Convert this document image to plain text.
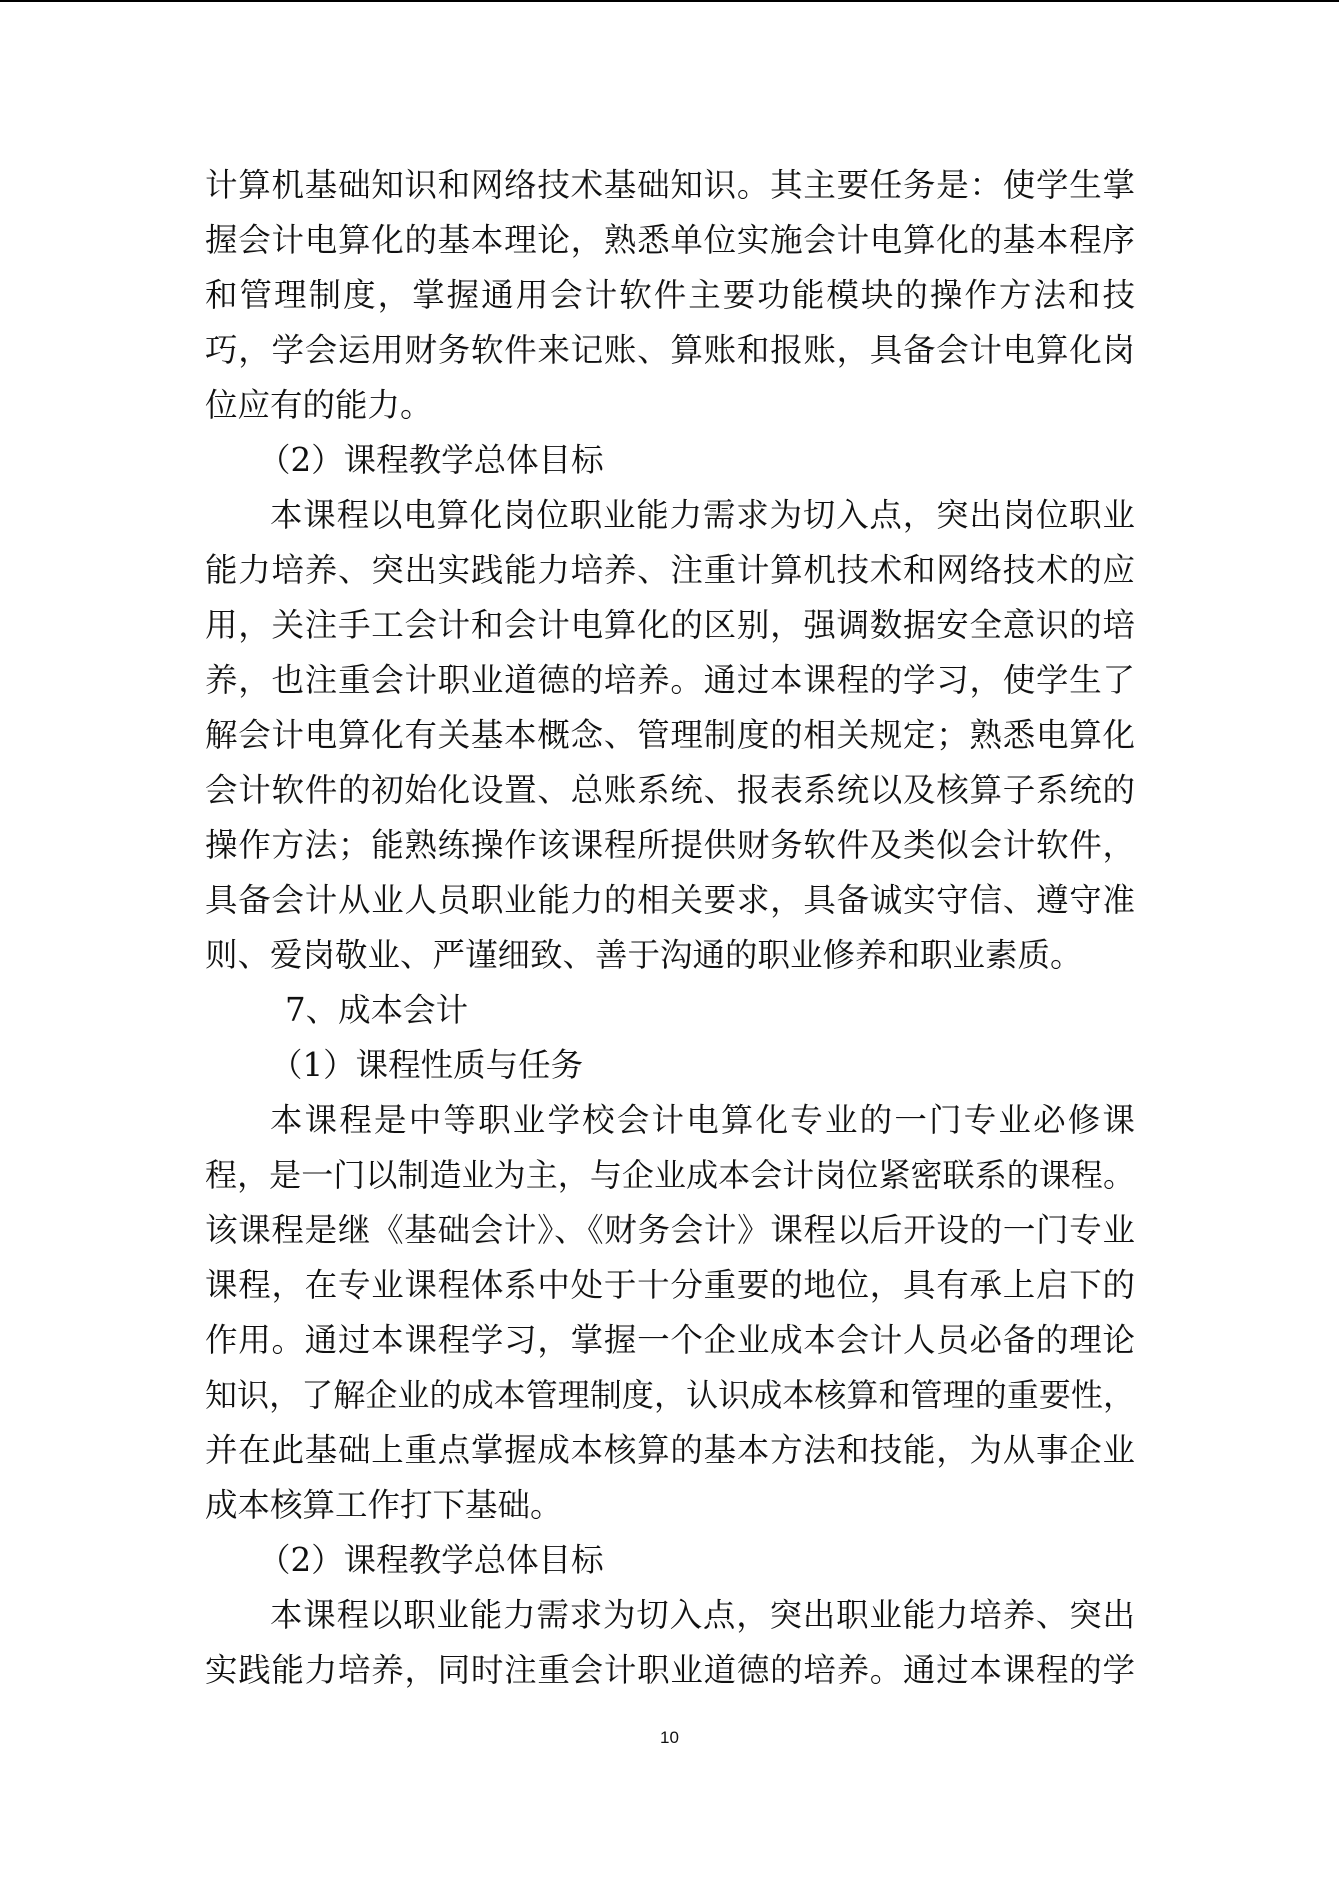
计算机基础知识和网络技术基础知识。其主要任务是：使学生掌
握会计电算化的基本理论，熟悉单位实施会计电算化的基本程序
和管理制度，掌握通用会计软件主要功能模块的操作方法和技
巧，学会运用财务软件来记账、算账和报账，具备会计电算化岗
位应有的能力。
（2）课程教学总体目标
本课程以电算化岗位职业能力需求为切入点，突出岗位职业
能力培养、突出实践能力培养、注重计算机技术和网络技术的应
用，关注手工会计和会计电算化的区别，强调数据安全意识的培
养，也注重会计职业道德的培养。通过本课程的学习，使学生了
解会计电算化有关基本概念、管理制度的相关规定；熟悉电算化
会计软件的初始化设置、总账系统、报表系统以及核算子系统的
操作方法；能熟练操作该课程所提供财务软件及类似会计软件，
具备会计从业人员职业能力的相关要求，具备诚实守信、遵守准
则、爱岗敬业、严谨细致、善于沟通的职业修养和职业素质。
7、成本会计
（1）课程性质与任务
本课程是中等职业学校会计电算化专业的一门专业必修课
程，是一门以制造业为主，与企业成本会计岗位紧密联系的课程。
该课程是继《基础会计》、《财务会计》课程以后开设的一门专业
课程，在专业课程体系中处于十分重要的地位，具有承上启下的
作用。通过本课程学习，掌握一个企业成本会计人员必备的理论
知识，了解企业的成本管理制度，认识成本核算和管理的重要性，
并在此基础上重点掌握成本核算的基本方法和技能，为从事企业
成本核算工作打下基础。
（2）课程教学总体目标
本课程以职业能力需求为切入点，突出职业能力培养、突出
实践能力培养，同时注重会计职业道德的培养。通过本课程的学
10
